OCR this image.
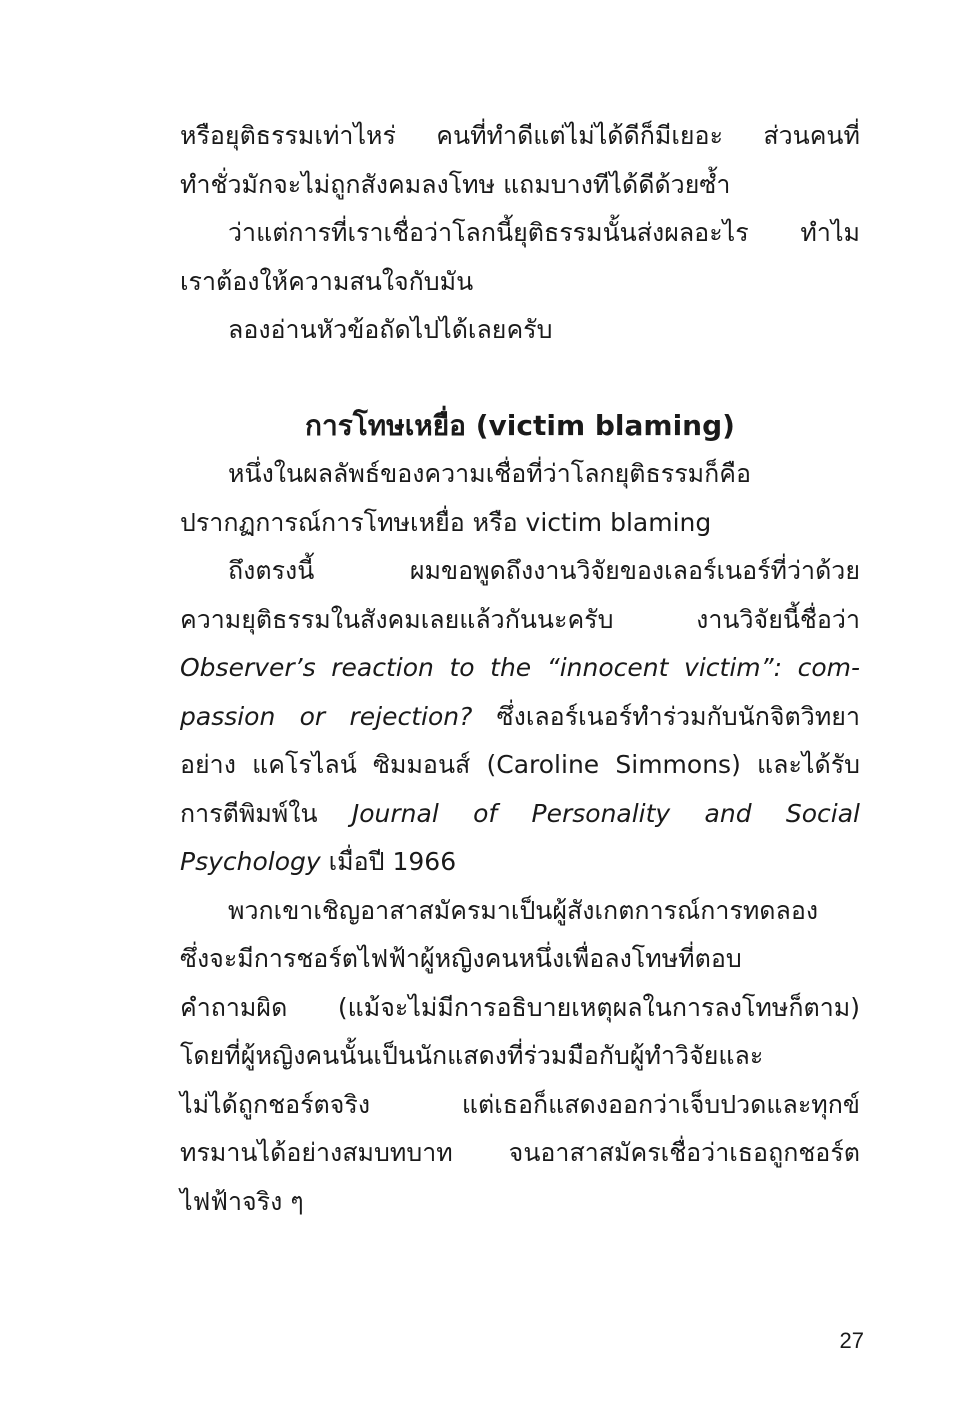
หรือยุติธรรมเท่าไหร่ คนที่ทำดีแต่ไม่ได้ดีก็มีเยอะ ส่วนคนที่
ทำชั่วมักจะไม่ถูกสังคมลงโทษ แถมบางทีได้ดีด้วยซ้ำ
ว่าแต่การที่เราเชื่อว่าโลกนี้ยุติธรรมนั้นส่งผลอะไร ทำไม
เราต้องให้ความสนใจกับมัน
ลองอ่านหัวข้อถัดไปได้เลยครับ
การโทษเหยื่อ (victim blaming)
หนึ่งในผลลัพธ์ของความเชื่อที่ว่าโลกยุติธรรมก็คือ
ปรากฏการณ์การโทษเหยื่อ หรือ victim blaming
ถึงตรงนี้ ผมขอพูดถึงงานวิจัยของเลอร์เนอร์ที่ว่าด้วย
ความยุติธรรมในสังคมเลยแล้วกันนะครับ งานวิจัยนี้ชื่อว่า
Observer’s reaction to the “innocent victim”: com-
passion or rejection? ซึ่งเลอร์เนอร์ทำร่วมกับนักจิตวิทยา
อย่าง แคโรไลน์ ซิมมอนส์ (Caroline Simmons) และได้รับ
การตีพิมพ์ใน Journal of Personality and Social
Psychology เมื่อปี 1966
พวกเขาเชิญอาสาสมัครมาเป็นผู้สังเกตการณ์การทดลอง
ซึ่งจะมีการชอร์ตไฟฟ้าผู้หญิงคนหนึ่งเพื่อลงโทษที่ตอบ
คำถามผิด (แม้จะไม่มีการอธิบายเหตุผลในการลงโทษก็ตาม)
โดยที่ผู้หญิงคนนั้นเป็นนักแสดงที่ร่วมมือกับผู้ทำวิจัยและ
ไม่ได้ถูกชอร์ตจริง แต่เธอก็แสดงออกว่าเจ็บปวดและทุกข์
ทรมานได้อย่างสมบทบาท จนอาสาสมัครเชื่อว่าเธอถูกชอร์ต
ไฟฟ้าจริง ๆ
27
